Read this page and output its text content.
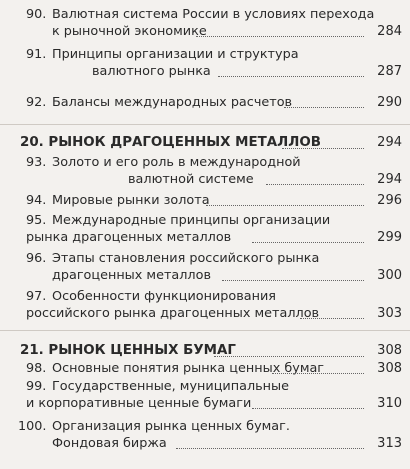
90. Валютная система России в условиях перехода
к рыночной экономике	284
91. Принципы организации и структура
валютного рынка	287
92. Балансы международных расчетов	290
20. РЫНОК ДРАГОЦЕННЫХ МЕТАЛЛОВ	294
93. Золото и его роль в международной
валютной системе	294
94. Мировые рынки золота	296
95. Международные принципы организации
рынка драгоценных металлов	299
96. Этапы становления российского рынка
драгоценных металлов	300
97. Особенности функционирования
российского рынка драгоценных металлов	303
21. РЫНОК ЦЕННЫХ БУМАГ	308
98. Основные понятия рынка ценных бумаг	308
99. Государственные, муниципальные
и корпоративные ценные бумаги	310
100. Организация рынка ценных бумаг.
Фондовая биржа	313
